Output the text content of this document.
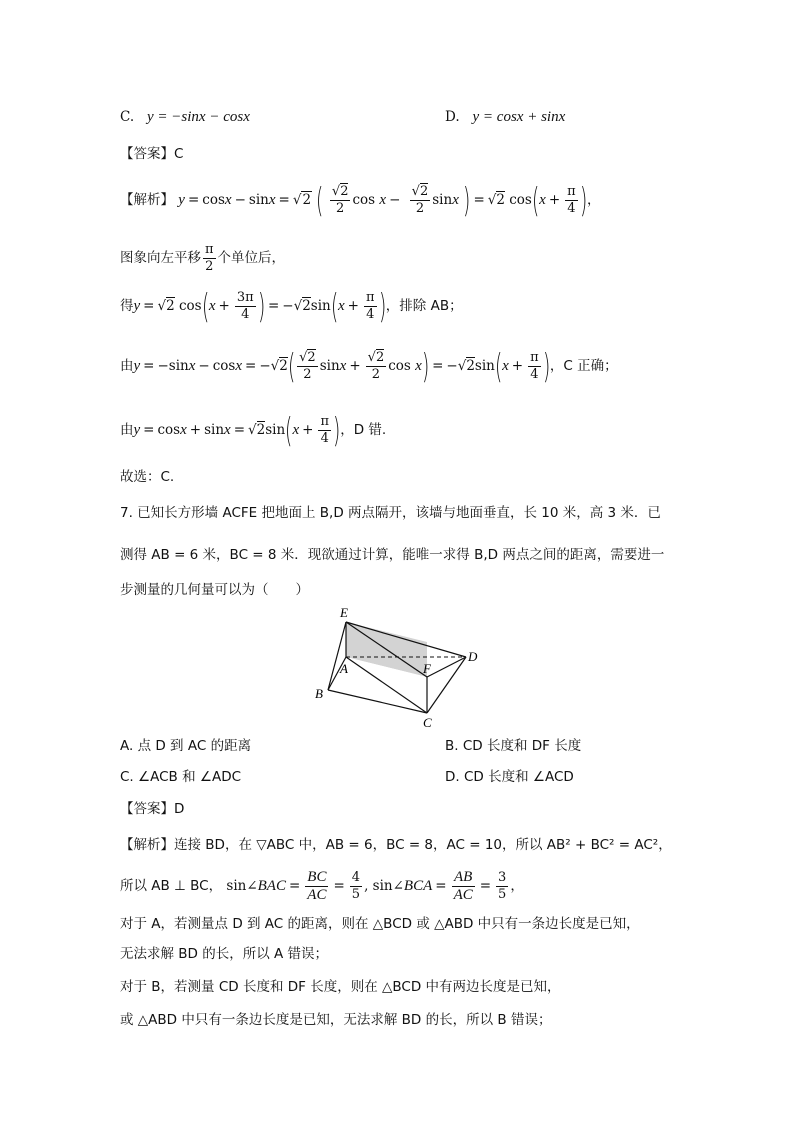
C. y = −sinx − cosx	D. y = cosx + sinx
【答案】C
【解析】 y = cosx − sinx = √2 ( $\frac{√2}{2}$ $\cos x - \frac{√2}{2}$ sinx ) = √2 $\cos(x + \frac{\pi}{4}$ )，
图象向左平移 $\frac{\pi}{2}$ 个单位后，
得y = √2 $\cos(x + \frac{3\pi}{4}$ ) = $-√2\sin(x + \frac{\pi}{4}$ )，排除 AB；
由$y = -\sin x - \cos x = -√2( \frac{√2}{2}$ $\sin x + \frac{√2}{2}$ $\cos x) = -√2\sin(x + \frac{\pi}{4}$ )，C 正确；
由$y = \cos x + \sin x = √2\sin(x + \frac{\pi}{4}$ )，D 错.
故选：C.
7. 已知长方形墙 ACFE 把地面上 B,D 两点隔开，该墙与地面垂直，长 10 米，高 3 米．已
测得 AB = 6 米，BC = 8 米．现欲通过计算，能唯一求得 B,D 两点之间的距离，需要进一
步测量的几何量可以为（　　）
E
A	F
D
B
C
A. 点 D 到 AC 的距离	B. CD 长度和 DF 长度
C. ∠ACB 和 ∠ADC	D. CD 长度和 ∠ACD
【答案】D
【解析】连接 BD，在 ▽ABC 中，AB = 6，BC = 8，AC = 10，所以 AB² + BC² = AC²，
所以 AB ⊥ BC， sin∠BAC = $\frac{BC}{AC} = \frac{4}{5}$ , sin∠BCA = $\frac{AB}{AC} = \frac{3}{5}$ ，
对于 A，若测量点 D 到 AC 的距离，则在 △BCD 或 △ABD 中只有一条边长度是已知，
无法求解 BD 的长，所以 A 错误；
对于 B，若测量 CD 长度和 DF 长度，则在 △BCD 中有两边长度是已知，
或 △ABD 中只有一条边长度是已知，无法求解 BD 的长，所以 B 错误；
